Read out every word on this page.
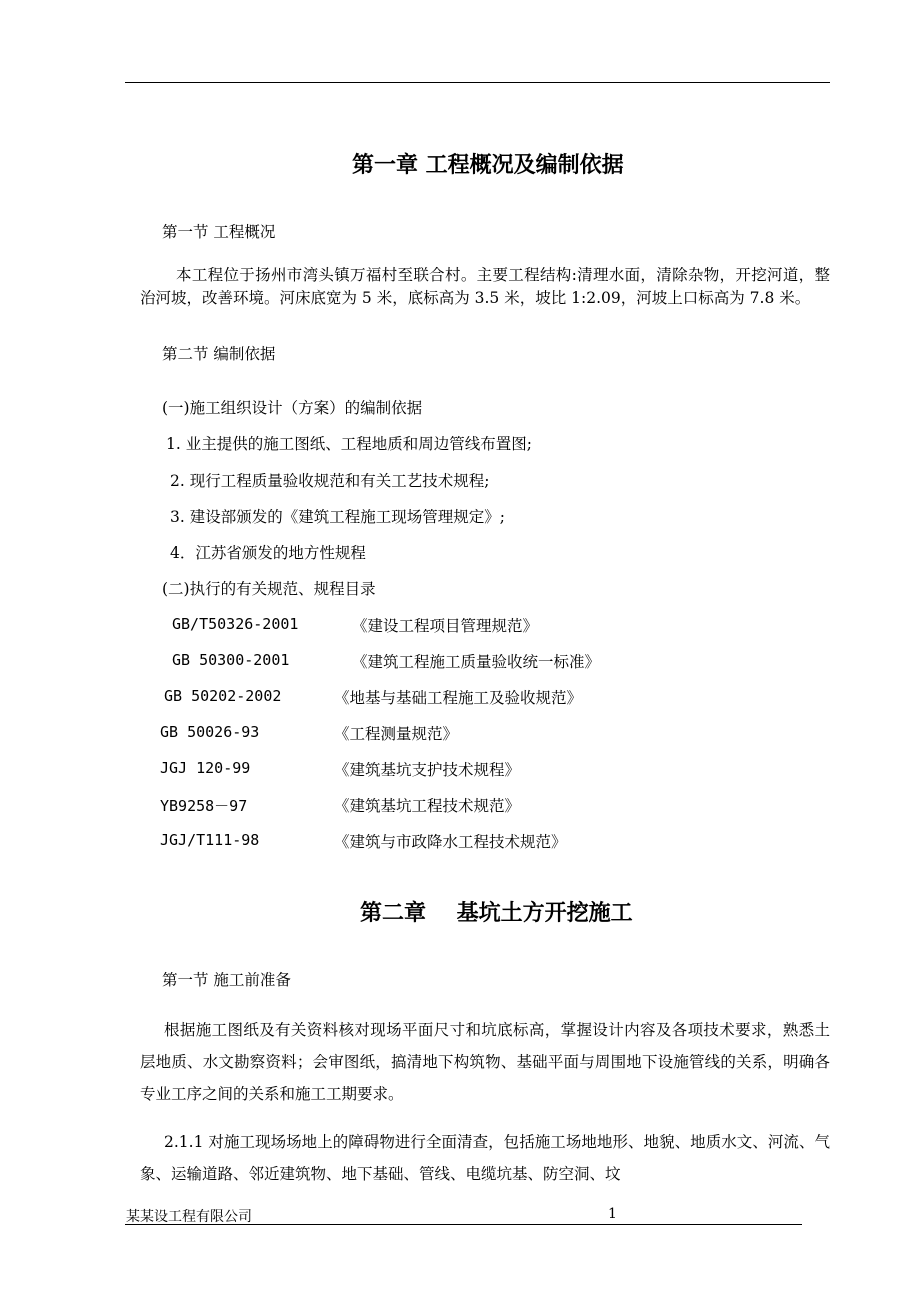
第一章 工程概况及编制依据
第一节 工程概况

本工程位于扬州市湾头镇万福村至联合村。主要工程结构:清理水面，清除杂物，开挖河道，整治河坡，改善环境。河床底宽为 5 米，底标高为 3.5 米，坡比 1:2.09，河坡上口标高为 7.8 米。

第二节 编制依据
(一)施工组织设计（方案）的编制依据
1. 业主提供的施工图纸、工程地质和周边管线布置图;
2. 现行工程质量验收规范和有关工艺技术规程;
3. 建设部颁发的《建筑工程施工现场管理规定》;
4．江苏省颁发的地方性规程
(二)执行的有关规范、规程目录
GB/T50326-2001	《建设工程项目管理规范》
GB 50300-2001	《建筑工程施工质量验收统一标准》
GB 50202-2002	《地基与基础工程施工及验收规范》
GB 50026-93	《工程测量规范》
JGJ 120-99	《建筑基坑支护技术规程》
YB9258－97	《建筑基坑工程技术规范》
JGJ/T111-98	《建筑与市政降水工程技术规范》
第二章    基坑土方开挖施工
第一节 施工前准备

根据施工图纸及有关资料核对现场平面尺寸和坑底标高，掌握设计内容及各项技术要求，熟悉土层地质、水文勘察资料；会审图纸，搞清地下构筑物、基础平面与周围地下设施管线的关系，明确各专业工序之间的关系和施工工期要求。

2.1.1 对施工现场场地上的障碍物进行全面清查，包括施工场地地形、地貌、地质水文、河流、气象、运输道路、邻近建筑物、地下基础、管线、电缆坑基、防空洞、坟

某某设工程有限公司	1
